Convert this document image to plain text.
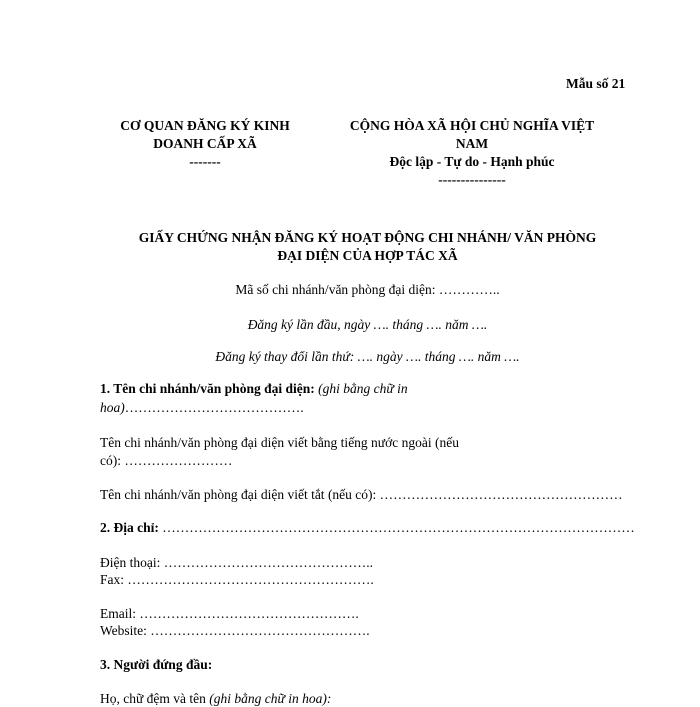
Mẫu số 21
CƠ QUAN ĐĂNG KÝ KINH
DOANH CẤP XÃ
-------
CỘNG HÒA XÃ HỘI CHỦ NGHĨA VIỆT
NAM
Độc lập - Tự do - Hạnh phúc
---------------
GIẤY CHỨNG NHẬN ĐĂNG KÝ HOẠT ĐỘNG CHI NHÁNH/ VĂN PHÒNG
ĐẠI DIỆN CỦA HỢP TÁC XÃ
Mã số chi nhánh/văn phòng đại diện: …………..
Đăng ký lần đầu, ngày …. tháng …. năm ….
Đăng ký thay đổi lần thứ: …. ngày …. tháng …. năm ….
1. Tên chi nhánh/văn phòng đại diện: (ghi bằng chữ in
hoa)………………………………….
Tên chi nhánh/văn phòng đại diện viết bằng tiếng nước ngoài (nếu
có): ……………………
Tên chi nhánh/văn phòng đại diện viết tắt (nếu có): ………………………………………………
2. Địa chỉ: ……………………………………………………………………………………………
Điện thoại: ………………………………………..
Fax: ……………………………………………….
Email: ………………………………………….
Website: ………………………………………….
3. Người đứng đầu:
Họ, chữ đệm và tên (ghi bằng chữ in hoa):
